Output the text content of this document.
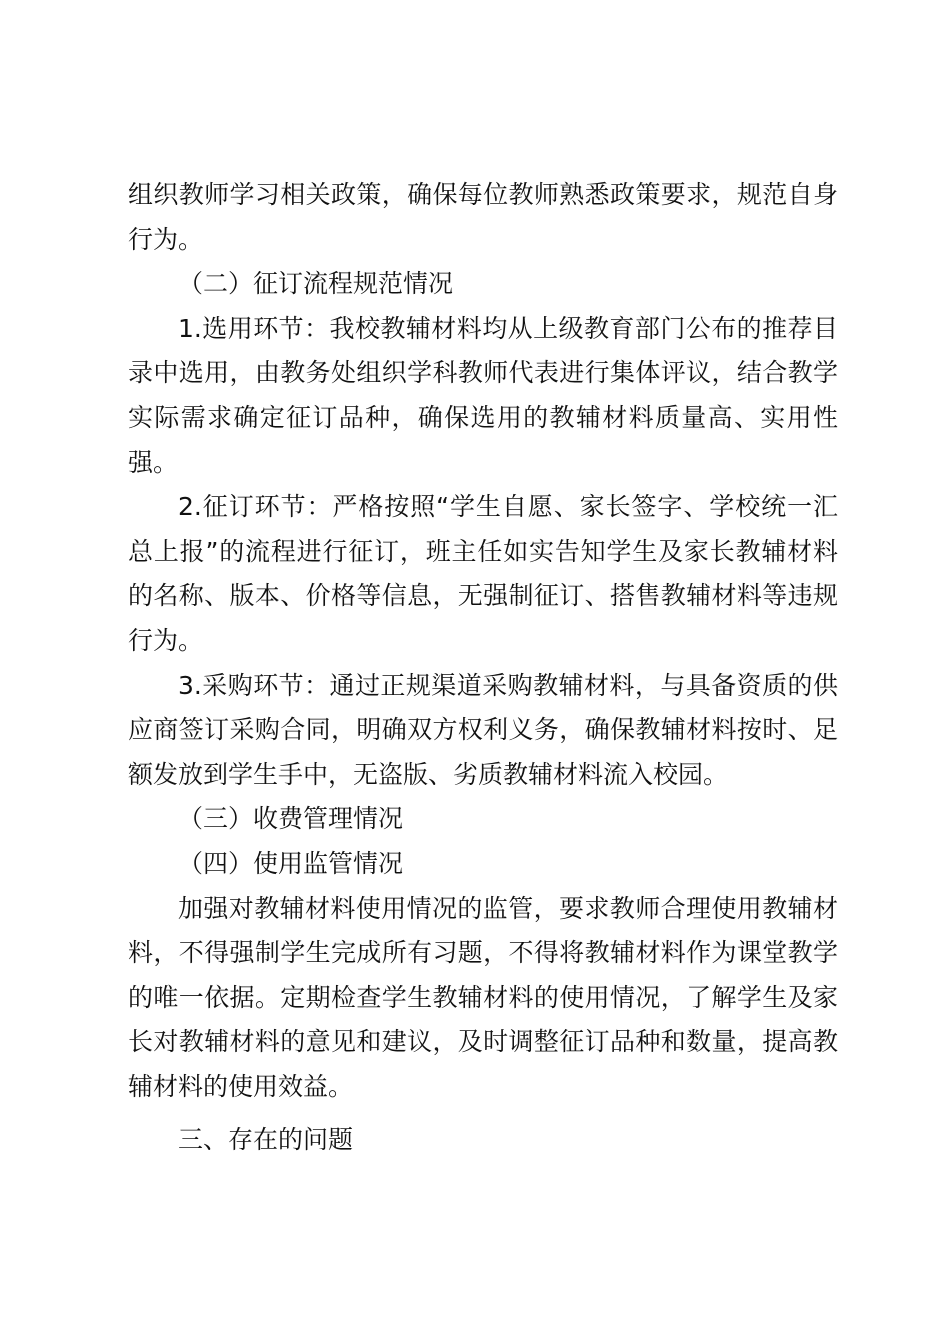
组织教师学习相关政策，确保每位教师熟悉政策要求，规范自身行为。

（二）征订流程规范情况

1.选用环节：我校教辅材料均从上级教育部门公布的推荐目录中选用，由教务处组织学科教师代表进行集体评议，结合教学实际需求确定征订品种，确保选用的教辅材料质量高、实用性强。

2.征订环节：严格按照“学生自愿、家长签字、学校统一汇总上报”的流程进行征订，班主任如实告知学生及家长教辅材料的名称、版本、价格等信息，无强制征订、搭售教辅材料等违规行为。

3.采购环节：通过正规渠道采购教辅材料，与具备资质的供应商签订采购合同，明确双方权利义务，确保教辅材料按时、足额发放到学生手中，无盗版、劣质教辅材料流入校园。

（三）收费管理情况

（四）使用监管情况

加强对教辅材料使用情况的监管，要求教师合理使用教辅材料，不得强制学生完成所有习题，不得将教辅材料作为课堂教学的唯一依据。定期检查学生教辅材料的使用情况，了解学生及家长对教辅材料的意见和建议，及时调整征订品种和数量，提高教辅材料的使用效益。

三、存在的问题
